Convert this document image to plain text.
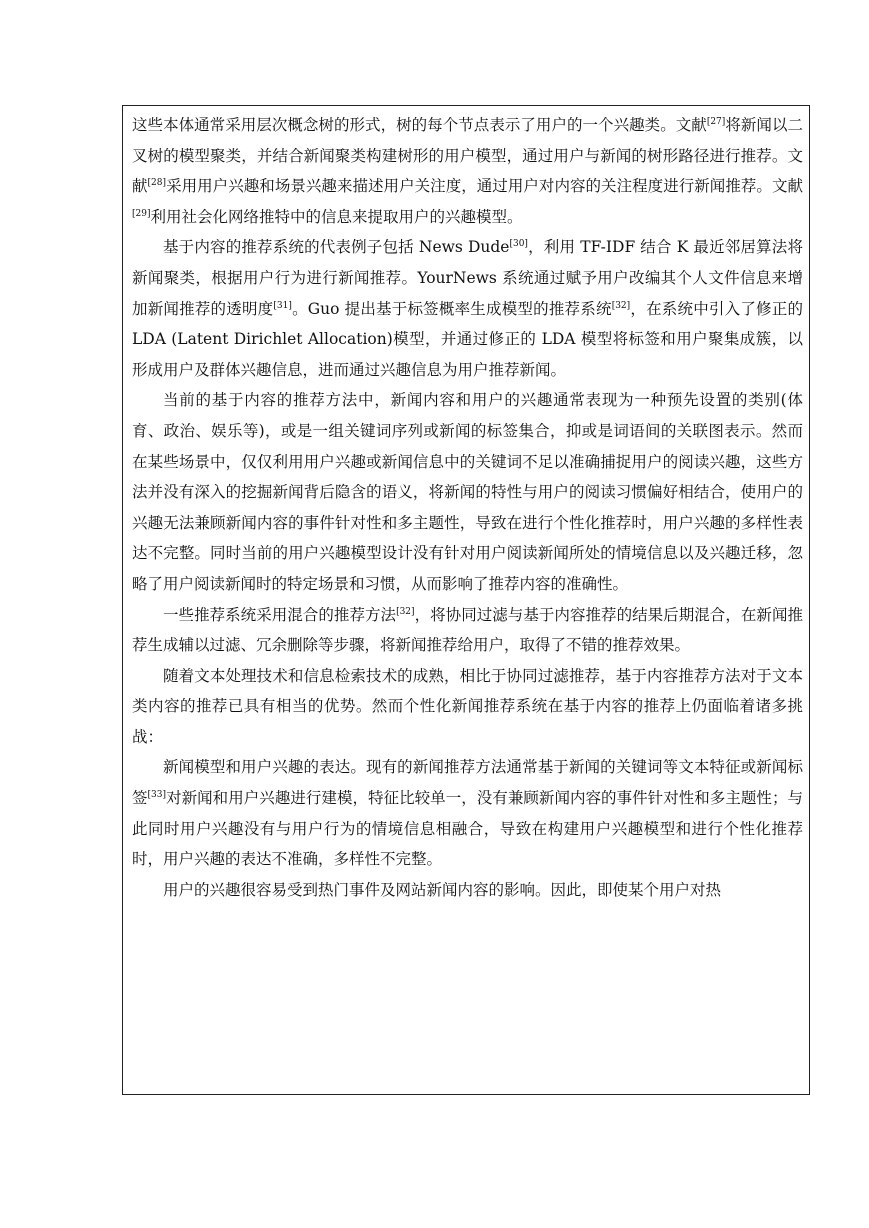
这些本体通常采用层次概念树的形式，树的每个节点表示了用户的一个兴趣类。文献[27]将新闻以二叉树的模型聚类，并结合新闻聚类构建树形的用户模型，通过用户与新闻的树形路径进行推荐。文献[28]采用用户兴趣和场景兴趣来描述用户关注度，通过用户对内容的关注程度进行新闻推荐。文献[29]利用社会化网络推特中的信息来提取用户的兴趣模型。

基于内容的推荐系统的代表例子包括 News Dude[30]，利用 TF-IDF 结合 K 最近邻居算法将新闻聚类，根据用户行为进行新闻推荐。YourNews 系统通过赋予用户改编其个人文件信息来增加新闻推荐的透明度[31]。Guo 提出基于标签概率生成模型的推荐系统[32]，在系统中引入了修正的 LDA (Latent Dirichlet Allocation)模型，并通过修正的 LDA 模型将标签和用户聚集成簇，以形成用户及群体兴趣信息，进而通过兴趣信息为用户推荐新闻。

当前的基于内容的推荐方法中，新闻内容和用户的兴趣通常表现为一种预先设置的类别(体育、政治、娱乐等)，或是一组关键词序列或新闻的标签集合，抑或是词语间的关联图表示。然而在某些场景中，仅仅利用用户兴趣或新闻信息中的关键词不足以准确捕捉用户的阅读兴趣，这些方法并没有深入的挖掘新闻背后隐含的语义，将新闻的特性与用户的阅读习惯偏好相结合，使用户的兴趣无法兼顾新闻内容的事件针对性和多主题性，导致在进行个性化推荐时，用户兴趣的多样性表达不完整。同时当前的用户兴趣模型设计没有针对用户阅读新闻所处的情境信息以及兴趣迁移，忽略了用户阅读新闻时的特定场景和习惯，从而影响了推荐内容的准确性。

一些推荐系统采用混合的推荐方法[32]，将协同过滤与基于内容推荐的结果后期混合，在新闻推荐生成辅以过滤、冗余删除等步骤，将新闻推荐给用户，取得了不错的推荐效果。

随着文本处理技术和信息检索技术的成熟，相比于协同过滤推荐，基于内容推荐方法对于文本类内容的推荐已具有相当的优势。然而个性化新闻推荐系统在基于内容的推荐上仍面临着诸多挑战：

新闻模型和用户兴趣的表达。现有的新闻推荐方法通常基于新闻的关键词等文本特征或新闻标签[33]对新闻和用户兴趣进行建模，特征比较单一，没有兼顾新闻内容的事件针对性和多主题性；与此同时用户兴趣没有与用户行为的情境信息相融合，导致在构建用户兴趣模型和进行个性化推荐时，用户兴趣的表达不准确，多样性不完整。

用户的兴趣很容易受到热门事件及网站新闻内容的影响。因此，即使某个用户对热
